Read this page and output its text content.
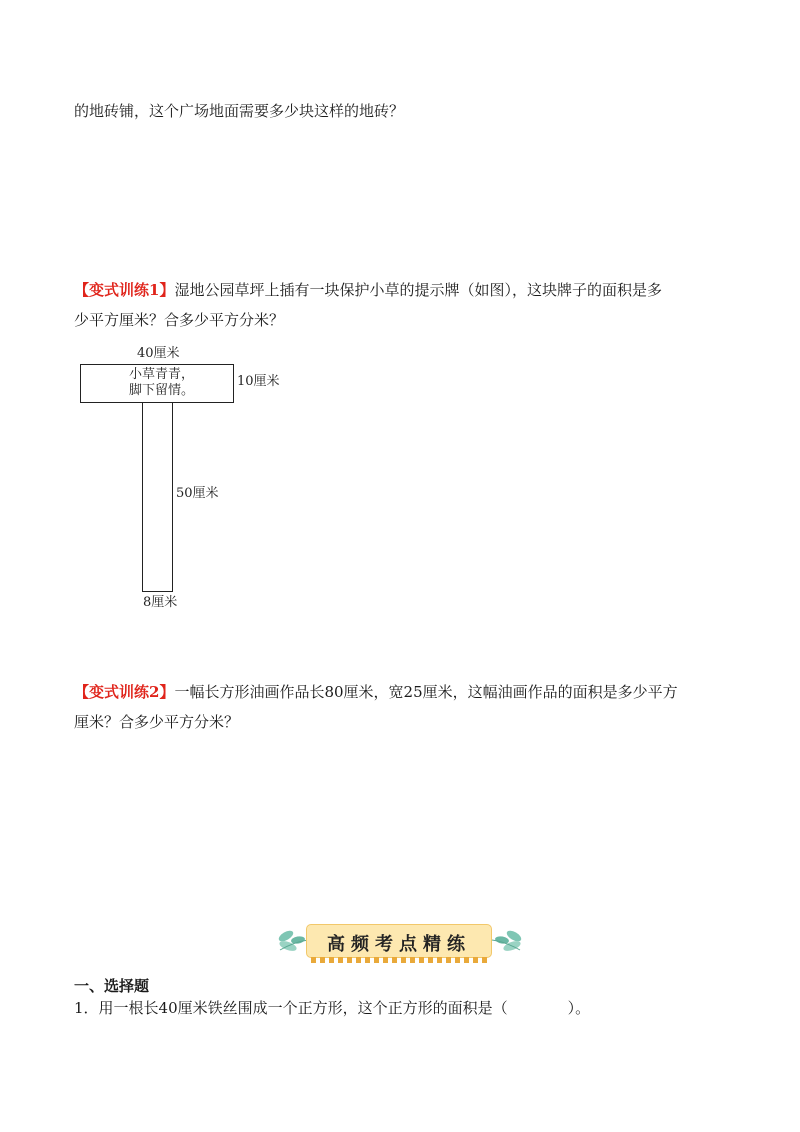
的地砖铺，这个广场地面需要多少块这样的地砖？
【变式训练1】湿地公园草坪上插有一块保护小草的提示牌（如图），这块牌子的面积是多
少平方厘米？合多少平方分米？
40厘米
小草青青，
脚下留情。
10厘米
50厘米
8厘米
【变式训练2】一幅长方形油画作品长80厘米，宽25厘米，这幅油画作品的面积是多少平方
厘米？合多少平方分米？
高频考点精练
一、选择题
1．用一根长40厘米铁丝围成一个正方形，这个正方形的面积是（　　　　）。
